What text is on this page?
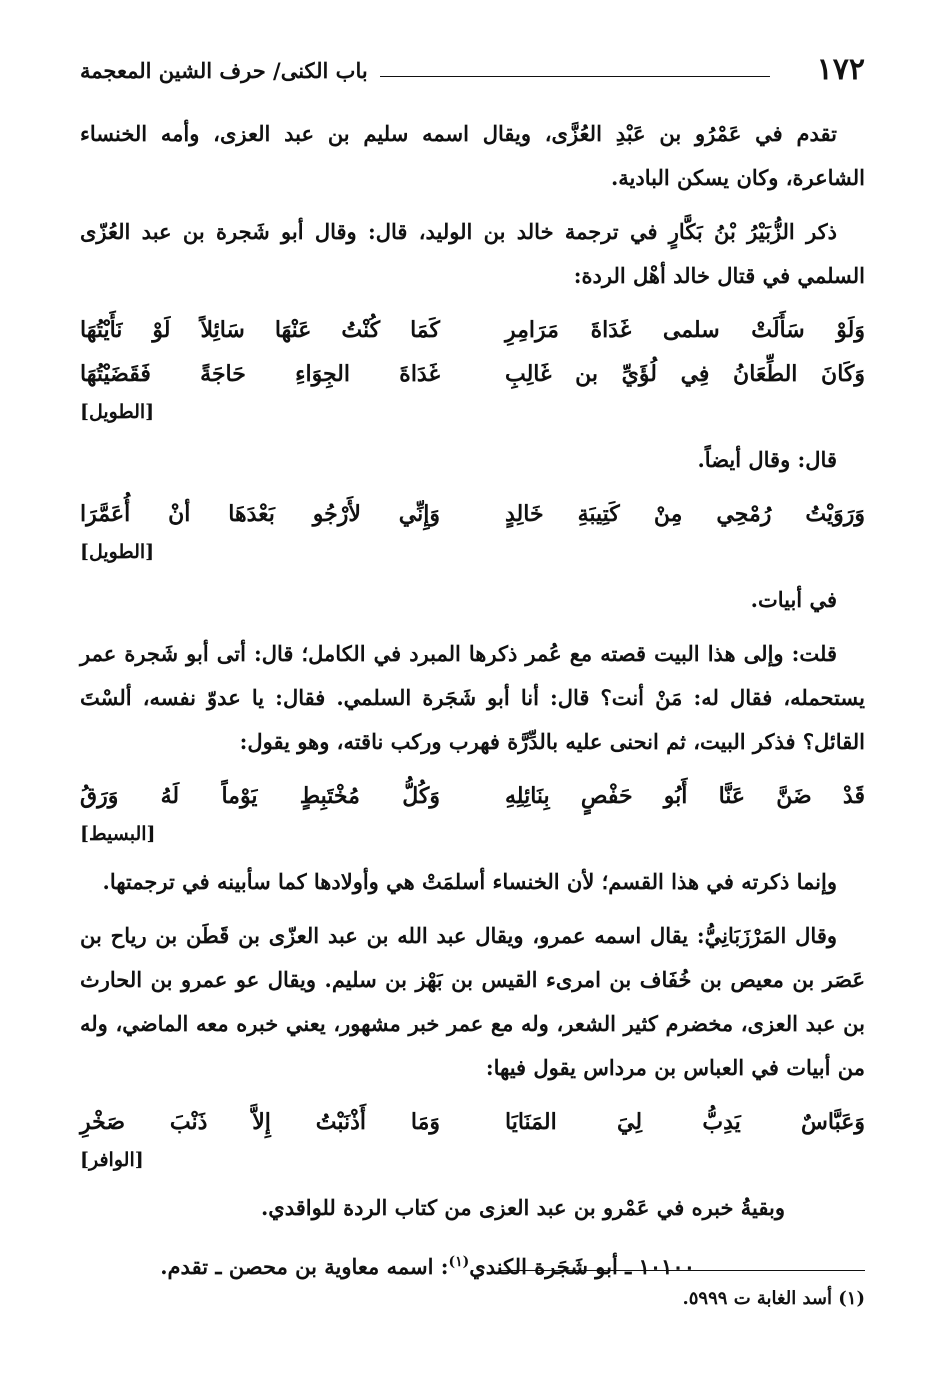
١٧٢
باب الكنى/ حرف الشين المعجمة

تقدم في عَمْرُو بن عَبْدِ العُزَّى، ويقال اسمه سليم بن عبد العزى، وأمه الخنساء الشاعرة، وكان يسكن البادية.

ذكر الزُّبَيْرُ بْنُ بَكَّارٍ في ترجمة خالد بن الوليد، قال: وقال أبو شَجرة بن عبد العُزّى السلمي في قتال خالد أهْل الردة:

وَلَوْ سَأَلَتْ سلمى غَدَاةَ مَرَامِرِ
كَمَا كُنْتُ عَنْهَا سَائِلاً لَوْ نَأَيْتُهَا
وَكَانَ الطِّعَانُ فِي لُؤَيِّ بن غَالِبِ
غَدَاةَ الجِوَاءِ حَاجَةً فَقَضَيْتُهَا
[الطويل]

قال: وقال أيضاً.

وَرَوَيْتُ رُمْحِي مِنْ كَتِيبَةِ خَالِدٍ
وَإِنِّي لأَرْجُو بَعْدَهَا أنْ أُعَمَّرَا
[الطويل]

في أبيات.

قلت: وإلى هذا البيت قصته مع عُمر ذكرها المبرد في الكامل؛ قال: أتى أبو شَجرة عمر يستحمله، فقال له: مَنْ أنت؟ قال: أنا أبو شَجَرة السلمي. فقال: يا عدوّ نفسه، ألسْتَ القائل؟ فذكر البيت، ثم انحنى عليه بالدِّرَّة فهرب وركب ناقته، وهو يقول:

قَدْ ضَنَّ عَنَّا أَبُو حَفْصٍ بِنَائِلِهِ
وَكُلُّ مُخْتَبِطٍ يَوْماً لَهُ وَرَقُ
[البسيط]

وإنما ذكرته في هذا القسم؛ لأن الخنساء أسلمَتْ هي وأولادها كما سأبينه في ترجمتها.

وقال المَرْزَبَانِيُّ: يقال اسمه عمرو، ويقال عبد الله بن عبد العزّى بن قَطَن بن رياح بن عَصَر بن معيص بن خُفَاف بن امرىء القيس بن بَهْز بن سليم. ويقال عو عمرو بن الحارث بن عبد العزى، مخضرم كثير الشعر، وله مع عمر خبر مشهور، يعني خبره معه الماضي، وله من أبيات في العباس بن مرداس يقول فيها:

وَعَبَّاسٌ يَدِبُّ لِيَ المَنَايَا
وَمَا أَذْنَبْتُ إِلاَّ ذَنْبَ صَخْرِ
[الوافر]

وبقيةُ خبره في عَمْرو بن عبد العزى من كتاب الردة للواقدي.

١٠١٠٠ ـ أبو شَجَرة الكندي$^{(١)}$: اسمه معاوية بن محصن ـ تقدم.

(١) أسد الغابة ت ٥٩٩٩.
